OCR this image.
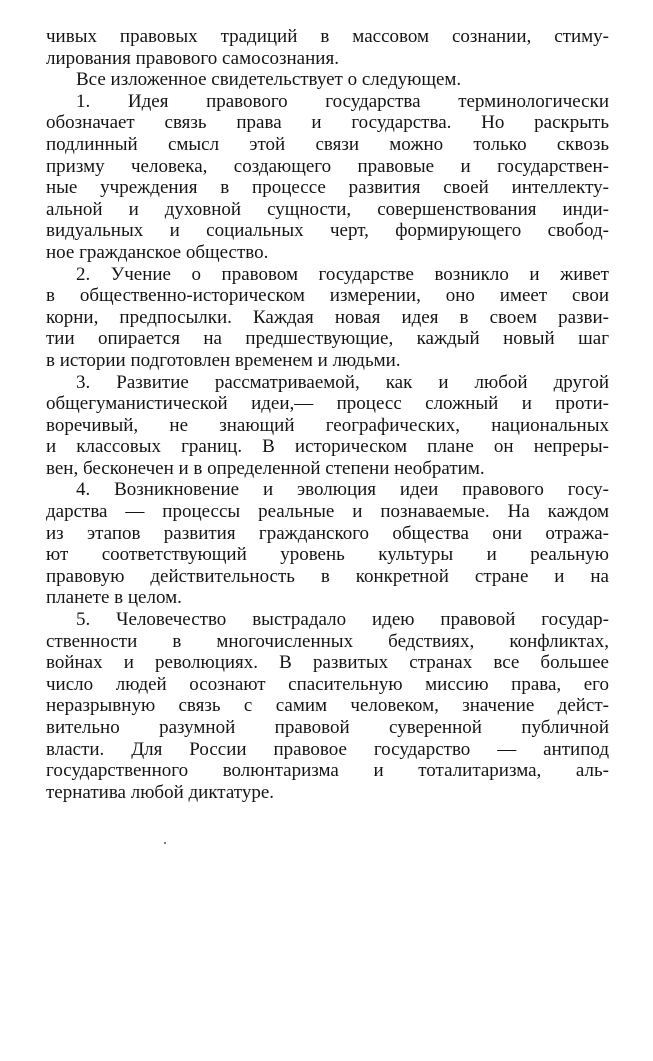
чивых правовых традиций в массовом сознании, стиму-
лирования правового самосознания.
Все изложенное свидетельствует о следующем.
1. Идея правового государства терминологически
обозначает связь права и государства. Но раскрыть
подлинный смысл этой связи можно только сквозь
призму человека, создающего правовые и государствен-
ные учреждения в процессе развития своей интеллекту-
альной и духовной сущности, совершенствования инди-
видуальных и социальных черт, формирующего свобод-
ное гражданское общество.
2. Учение о правовом государстве возникло и живет
в общественно-историческом измерении, оно имеет свои
корни, предпосылки. Каждая новая идея в своем разви-
тии опирается на предшествующие, каждый новый шаг
в истории подготовлен временем и людьми.
3. Развитие рассматриваемой, как и любой другой
общегуманистической идеи,— процесс сложный и проти-
воречивый, не знающий географических, национальных
и классовых границ. В историческом плане он непреры-
вен, бесконечен и в определенной степени необратим.
4. Возникновение и эволюция идеи правового госу-
дарства — процессы реальные и познаваемые. На каждом
из этапов развития гражданского общества они отража-
ют соответствующий уровень культуры и реальную
правовую действительность в конкретной стране и на
планете в целом.
5. Человечество выстрадало идею правовой государ-
ственности в многочисленных бедствиях, конфликтах,
войнах и революциях. В развитых странах все большее
число людей осознают спасительную миссию права, его
неразрывную связь с самим человеком, значение дейст-
вительно разумной правовой суверенной публичной
власти. Для России правовое государство — антипод
государственного волюнтаризма и тоталитаризма, аль-
тернатива любой диктатуре.
